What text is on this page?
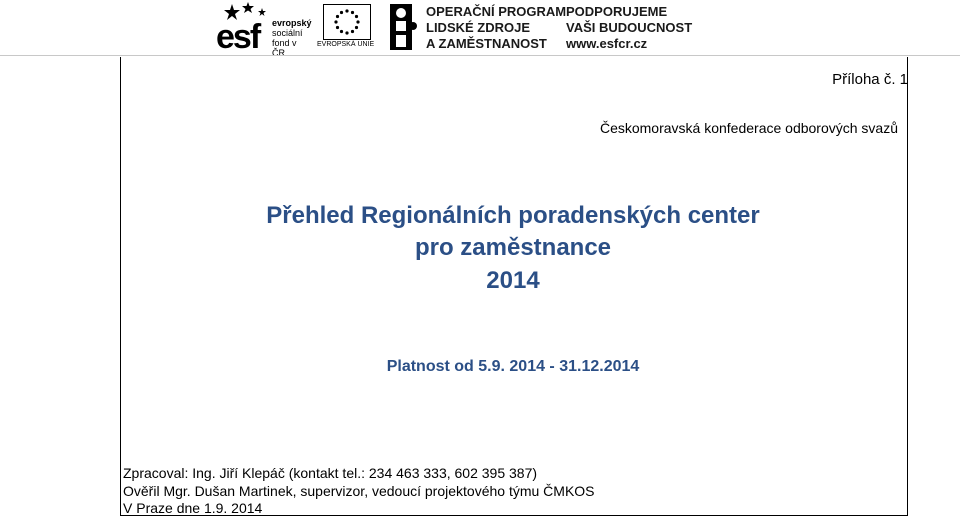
esf evropský
sociální
fond v ČR
EVROPSKÁ UNIE
OPERAČNÍ PROGRAM
LIDSKÉ ZDROJE
A ZAMĚSTNANOST
PODPORUJEME
VAŠI BUDOUCNOST
www.esfcr.cz
Příloha č. 1
Českomoravská konfederace odborových svazů
Přehled Regionálních poradenských center
pro zaměstnance
2014
Platnost od 5.9. 2014 - 31.12.2014
Zpracoval: Ing. Jiří Klepáč (kontakt tel.: 234 463 333, 602 395 387)
Ověřil Mgr. Dušan Martinek, supervizor, vedoucí projektového týmu ČMKOS
V Praze dne 1.9. 2014
